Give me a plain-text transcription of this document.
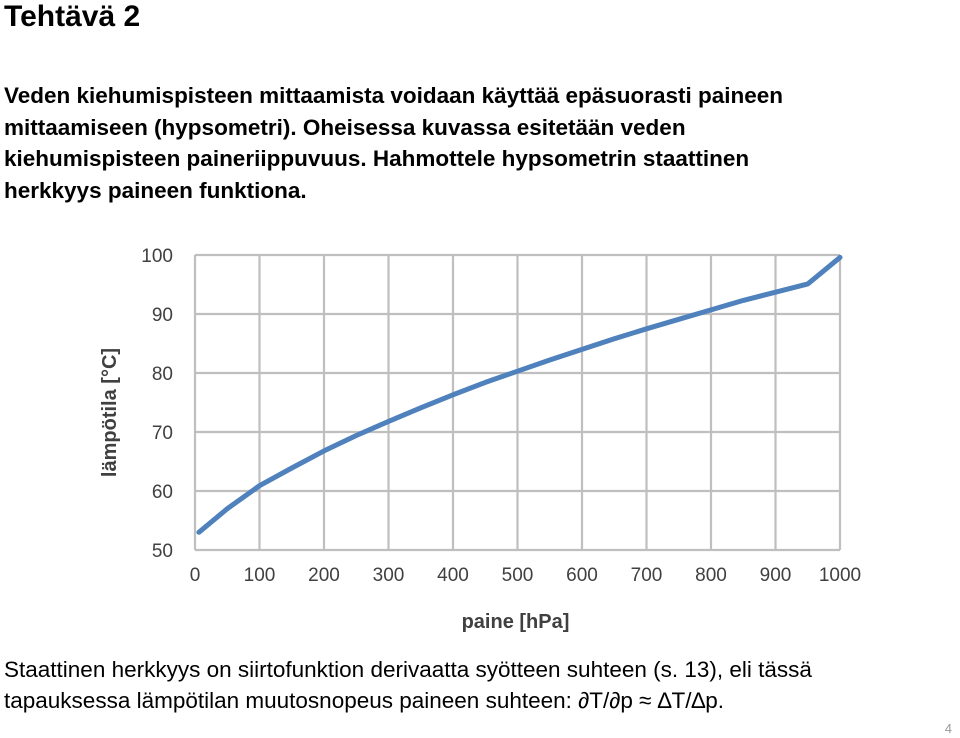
Tehtävä 2
Veden kiehumispisteen mittaamista voidaan käyttää epäsuorasti paineen
mittaamiseen (hypsometri). Oheisessa kuvassa esitetään veden
kiehumispisteen paineriippuvuus. Hahmottele hypsometrin staattinen
herkkyys paineen funktiona.
0 100 200 300 400 500 600 700 800 900 1000
50
60
70
80
90
100
paine [hPa]
lämpötila [°C]
Staattinen herkkyys on siirtofunktion derivaatta syötteen suhteen (s. 13), eli tässä
tapauksessa lämpötilan muutosnopeus paineen suhteen: ∂T/∂p ≈ ∆T/∆p.
4
